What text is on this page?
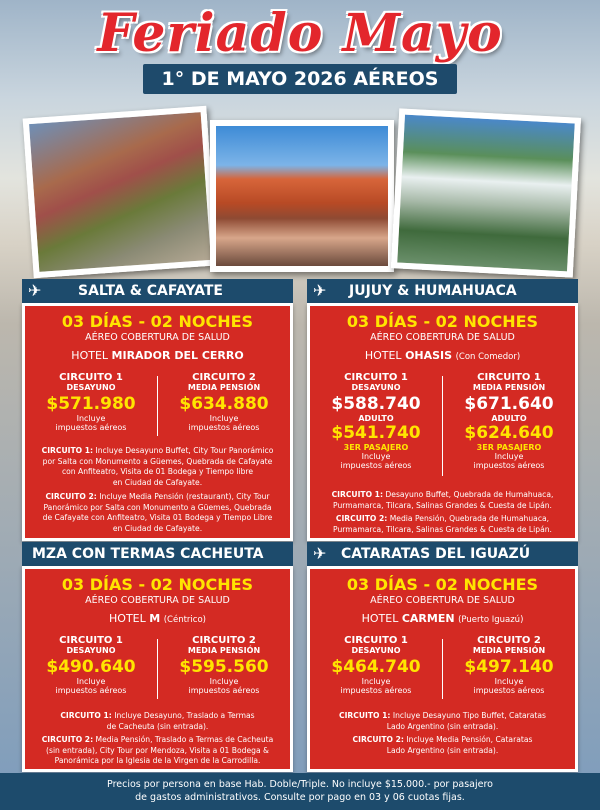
Feriado Mayo
1° DE MAYO 2026 AÉREOS
✈	SALTA & CAFAYATE
03 DÍAS - 02 NOCHES
AÉREO COBERTURA DE SALUD
HOTEL MIRADOR DEL CERRO
CIRCUITO 1
DESAYUNO
$571.980
Incluye
impuestos aéreos
CIRCUITO 2
MEDIA PENSIÓN
$634.880
Incluye
impuestos aéreos
CIRCUITO 1: Incluye Desayuno Buffet, City Tour Panorámico
por Salta con Monumento a Güemes, Quebrada de Cafayate
con Anfiteatro, Visita de 01 Bodega y Tiempo libre
en Ciudad de Cafayate.
CIRCUITO 2: Incluye Media Pensión (restaurant), City Tour
Panorámico por Salta con Monumento a Güemes, Quebrada
de Cafayate con Anfiteatro, Visita 01 Bodega y Tiempo Libre
en Ciudad de Cafayate.
✈	JUJUY & HUMAHUACA
03 DÍAS - 02 NOCHES
AÉREO COBERTURA DE SALUD
HOTEL OHASIS (Con Comedor)
CIRCUITO 1
DESAYUNO
$588.740
ADULTO
$541.740
3ER PASAJERO
Incluye
impuestos aéreos
CIRCUITO 1
MEDIA PENSIÓN
$671.640
ADULTO
$624.640
3ER PASAJERO
Incluye
impuestos aéreos
CIRCUITO 1: Desayuno Buffet, Quebrada de Humahuaca,
Purmamarca, Tilcara, Salinas Grandes & Cuesta de Lipán.
CIRCUITO 2: Media Pensión, Quebrada de Humahuaca,
Purmamarca, Tilcara, Salinas Grandes & Cuesta de Lipán.
MZA CON TERMAS CACHEUTA
03 DÍAS - 02 NOCHES
AÉREO COBERTURA DE SALUD
HOTEL M (Céntrico)
CIRCUITO 1
DESAYUNO
$490.640
Incluye
impuestos aéreos
CIRCUITO 2
MEDIA PENSIÓN
$595.560
Incluye
impuestos aéreos
CIRCUITO 1: Incluye Desayuno, Traslado a Termas
de Cacheuta (sin entrada).
CIRCUITO 2: Media Pensión, Traslado a Termas de Cacheuta
(sin entrada), City Tour por Mendoza, Visita a 01 Bodega &
Panorámica por la Iglesia de la Virgen de la Carrodilla.
✈	CATARATAS DEL IGUAZÚ
03 DÍAS - 02 NOCHES
AÉREO COBERTURA DE SALUD
HOTEL CARMEN (Puerto Iguazú)
CIRCUITO 1
DESAYUNO
$464.740
Incluye
impuestos aéreos
CIRCUITO 2
MEDIA PENSIÓN
$497.140
Incluye
impuestos aéreos
CIRCUITO 1: Incluye Desayuno Tipo Buffet, Cataratas
Lado Argentino (sin entrada).
CIRCUITO 2: Incluye Media Pensión, Cataratas
Lado Argentino (sin entrada).
Precios por persona en base Hab. Doble/Triple. No incluye $15.000.- por pasajero
de gastos administrativos. Consulte por pago en 03 y 06 cuotas fijas.
